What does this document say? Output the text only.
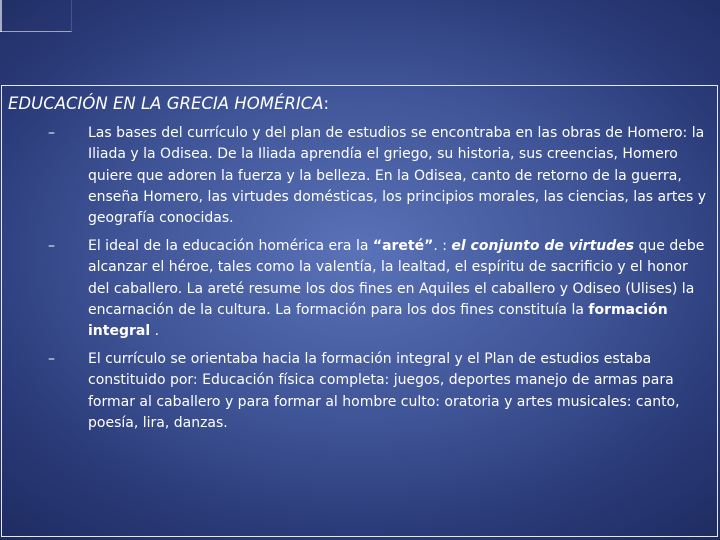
EDUCACIÓN EN LA GRECIA HOMÉRICA:
– Las bases del currículo y del plan de estudios se encontraba en las obras de Homero: la Iliada y la Odisea. De la Iliada aprendía el griego, su historia, sus creencias, Homero quiere que adoren la fuerza y la belleza. En la Odisea, canto de retorno de la guerra, enseña Homero, las virtudes domésticas, los principios morales, las ciencias, las artes y geografía conocidas.
– El ideal de la educación homérica era la “areté”. : el conjunto de virtudes que debe alcanzar el héroe, tales como la valentía, la lealtad, el espíritu de sacrificio y el honor del caballero. La areté resume los dos fines en Aquiles el caballero y Odiseo (Ulises) la encarnación de la cultura. La formación para los dos fines constituía la formación integral .
– El currículo se orientaba hacia la formación integral y el Plan de estudios estaba constituido por: Educación física completa: juegos, deportes manejo de armas para formar al caballero y para formar al hombre culto: oratoria y artes musicales: canto, poesía, lira, danzas.
